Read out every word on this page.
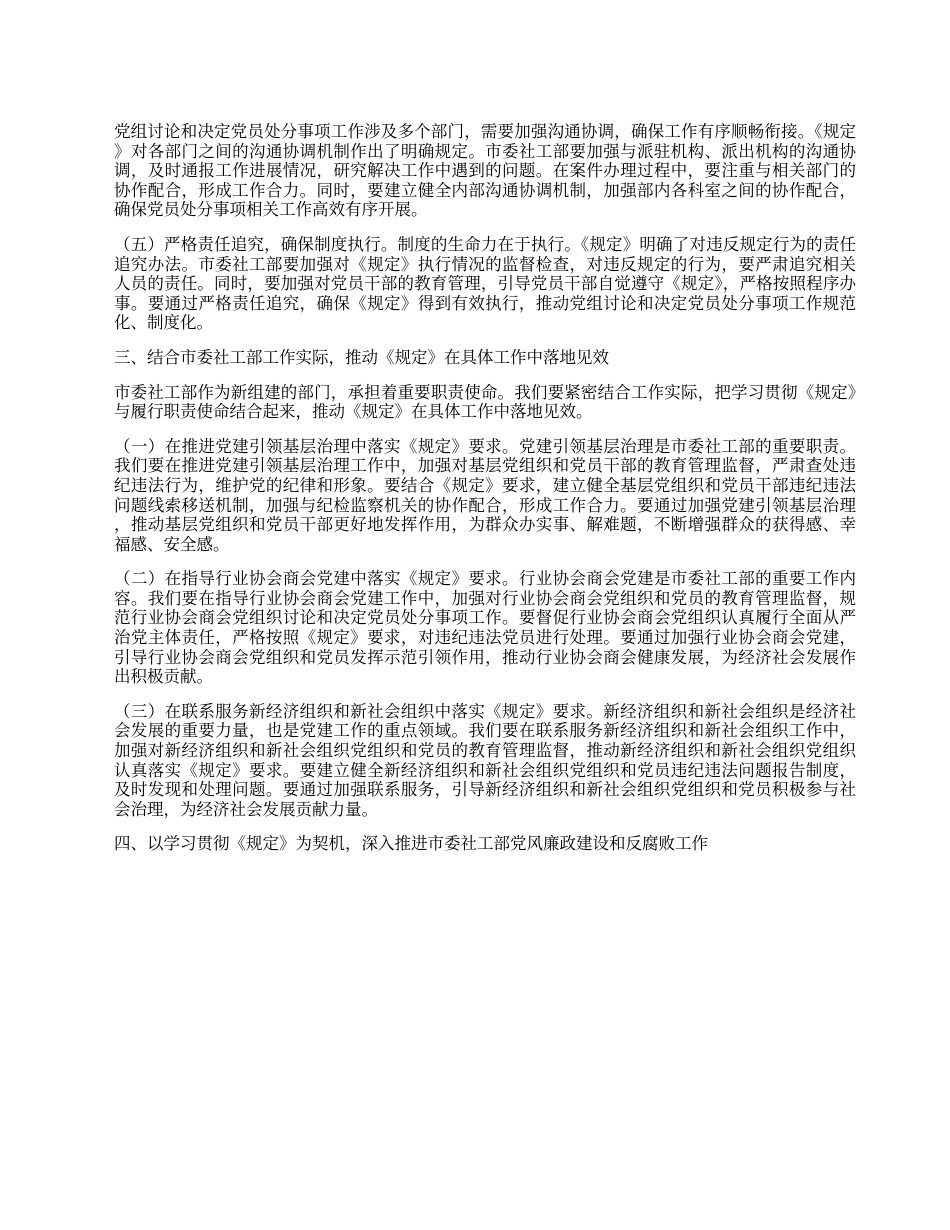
党组讨论和决定党员处分事项工作涉及多个部门，需要加强沟通协调，确保工作有序顺畅衔接。《规定》对各部门之间的沟通协调机制作出了明确规定。市委社工部要加强与派驻机构、派出机构的沟通协调，及时通报工作进展情况，研究解决工作中遇到的问题。在案件办理过程中，要注重与相关部门的协作配合，形成工作合力。同时，要建立健全内部沟通协调机制，加强部内各科室之间的协作配合，确保党员处分事项相关工作高效有序开展。

（五）严格责任追究，确保制度执行。制度的生命力在于执行。《规定》明确了对违反规定行为的责任追究办法。市委社工部要加强对《规定》执行情况的监督检查，对违反规定的行为，要严肃追究相关人员的责任。同时，要加强对党员干部的教育管理，引导党员干部自觉遵守《规定》，严格按照程序办事。要通过严格责任追究，确保《规定》得到有效执行，推动党组讨论和决定党员处分事项工作规范化、制度化。

三、结合市委社工部工作实际，推动《规定》在具体工作中落地见效

市委社工部作为新组建的部门，承担着重要职责使命。我们要紧密结合工作实际，把学习贯彻《规定》与履行职责使命结合起来，推动《规定》在具体工作中落地见效。

（一）在推进党建引领基层治理中落实《规定》要求。党建引领基层治理是市委社工部的重要职责。我们要在推进党建引领基层治理工作中，加强对基层党组织和党员干部的教育管理监督，严肃查处违纪违法行为，维护党的纪律和形象。要结合《规定》要求，建立健全基层党组织和党员干部违纪违法问题线索移送机制，加强与纪检监察机关的协作配合，形成工作合力。要通过加强党建引领基层治理，推动基层党组织和党员干部更好地发挥作用，为群众办实事、解难题，不断增强群众的获得感、幸福感、安全感。

（二）在指导行业协会商会党建中落实《规定》要求。行业协会商会党建是市委社工部的重要工作内容。我们要在指导行业协会商会党建工作中，加强对行业协会商会党组织和党员的教育管理监督，规范行业协会商会党组织讨论和决定党员处分事项工作。要督促行业协会商会党组织认真履行全面从严治党主体责任，严格按照《规定》要求，对违纪违法党员进行处理。要通过加强行业协会商会党建，引导行业协会商会党组织和党员发挥示范引领作用，推动行业协会商会健康发展，为经济社会发展作出积极贡献。

（三）在联系服务新经济组织和新社会组织中落实《规定》要求。新经济组织和新社会组织是经济社会发展的重要力量，也是党建工作的重点领域。我们要在联系服务新经济组织和新社会组织工作中，加强对新经济组织和新社会组织党组织和党员的教育管理监督，推动新经济组织和新社会组织党组织认真落实《规定》要求。要建立健全新经济组织和新社会组织党组织和党员违纪违法问题报告制度，及时发现和处理问题。要通过加强联系服务，引导新经济组织和新社会组织党组织和党员积极参与社会治理，为经济社会发展贡献力量。

四、以学习贯彻《规定》为契机，深入推进市委社工部党风廉政建设和反腐败工作
